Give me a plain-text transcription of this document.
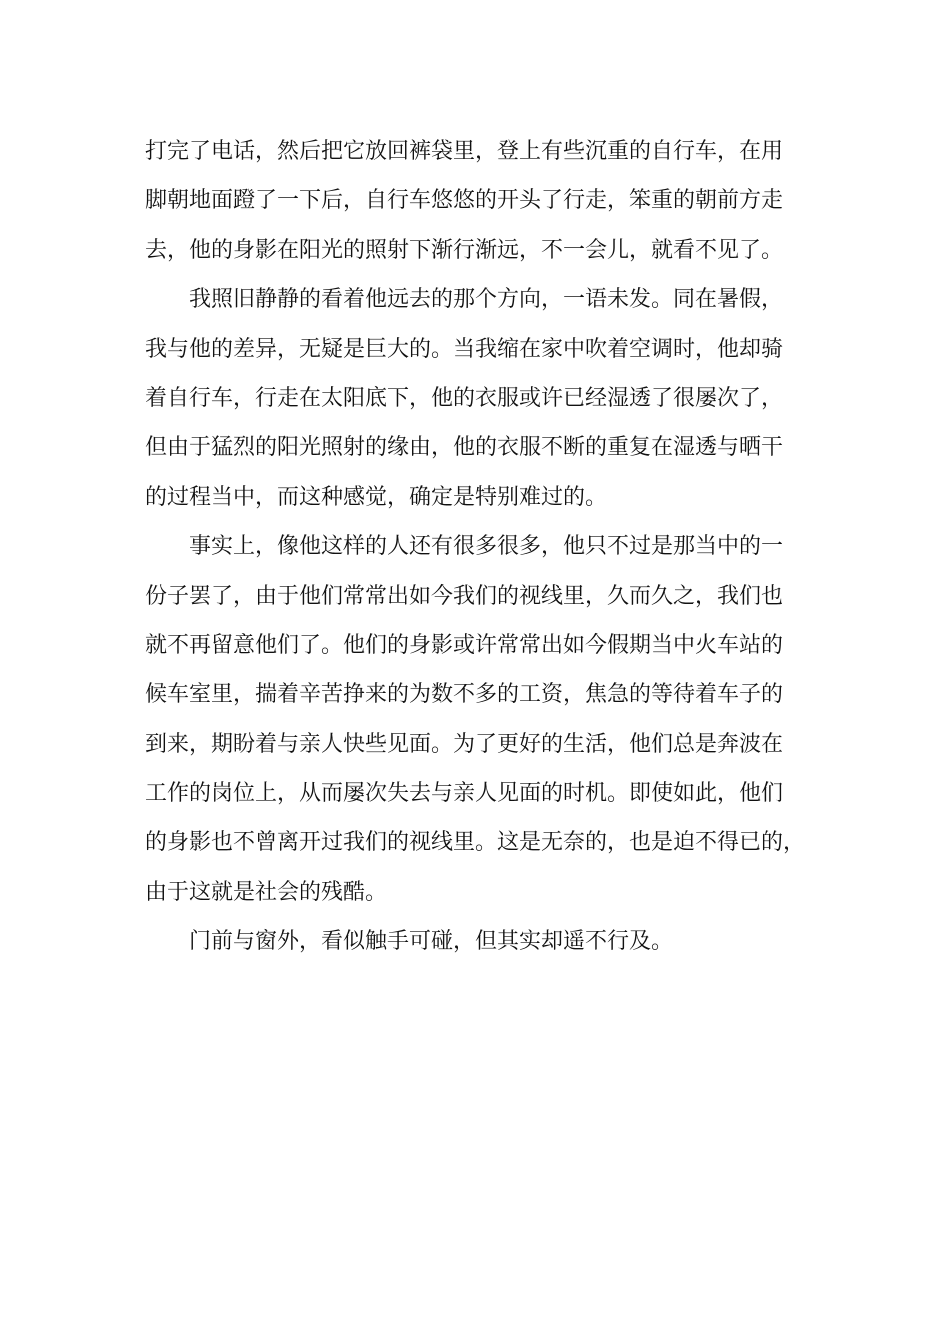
打完了电话，然后把它放回裤袋里，登上有些沉重的自行车，在用
脚朝地面蹬了一下后，自行车悠悠的开头了行走，笨重的朝前方走
去，他的身影在阳光的照射下渐行渐远，不一会儿，就看不见了。
我照旧静静的看着他远去的那个方向，一语未发。同在暑假，
我与他的差异，无疑是巨大的。当我缩在家中吹着空调时，他却骑
着自行车，行走在太阳底下，他的衣服或许已经湿透了很屡次了，
但由于猛烈的阳光照射的缘由，他的衣服不断的重复在湿透与晒干
的过程当中，而这种感觉，确定是特别难过的。
事实上，像他这样的人还有很多很多，他只不过是那当中的一
份子罢了，由于他们常常出如今我们的视线里，久而久之，我们也
就不再留意他们了。他们的身影或许常常出如今假期当中火车站的
候车室里，揣着辛苦挣来的为数不多的工资，焦急的等待着车子的
到来，期盼着与亲人快些见面。为了更好的生活，他们总是奔波在
工作的岗位上，从而屡次失去与亲人见面的时机。即使如此，他们
的身影也不曾离开过我们的视线里。这是无奈的，也是迫不得已的，
由于这就是社会的残酷。
门前与窗外，看似触手可碰，但其实却遥不行及。
